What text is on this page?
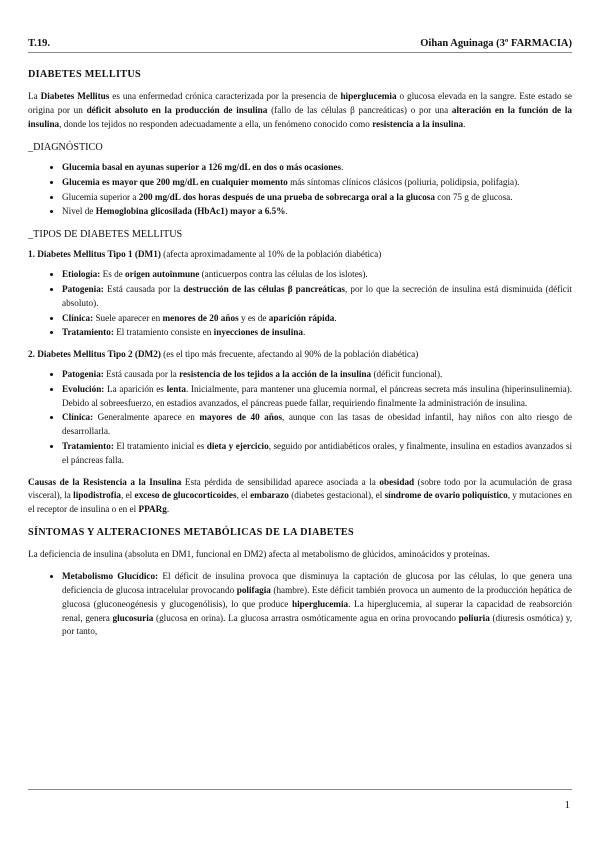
T.19.	Oihan Aguinaga (3º FARMACIA)
DIABETES MELLITUS

La Diabetes Mellitus es una enfermedad crónica caracterizada por la presencia de hiperglucemia o glucosa elevada en la sangre. Este estado se origina por un déficit absoluto en la producción de insulina (fallo de las células β pancreáticas) o por una alteración en la función de la insulina, donde los tejidos no responden adecuadamente a ella, un fenómeno conocido como resistencia a la insulina.

_DIAGNÓSTICO
• Glucemia basal en ayunas superior a 126 mg/dL en dos o más ocasiones.
• Glucemia es mayor que 200 mg/dL en cualquier momento más síntomas clínicos clásicos (poliuria, polidipsia, polifagia).
• Glucemia superior a 200 mg/dL dos horas después de una prueba de sobrecarga oral a la glucosa con 75 g de glucosa.
• Nivel de Hemoglobina glicosilada (HbAc1) mayor a 6.5%.
_TIPOS DE DIABETES MELLITUS

1. Diabetes Mellitus Tipo 1 (DM1) (afecta aproximadamente al 10% de la población diabética)

• Etiología: Es de origen autoinmune (anticuerpos contra las células de los islotes).
• Patogenia: Está causada por la destrucción de las células β pancreáticas, por lo que la secreción de insulina está disminuida (déficit absoluto).
• Clínica: Suele aparecer en menores de 20 años y es de aparición rápida.
• Tratamiento: El tratamiento consiste en inyecciones de insulina.

2. Diabetes Mellitus Tipo 2 (DM2) (es el tipo más frecuente, afectando al 90% de la población diabética)

• Patogenia: Está causada por la resistencia de los tejidos a la acción de la insulina (déficit funcional).
• Evolución: La aparición es lenta. Inicialmente, para mantener una glucemia normal, el páncreas secreta más insulina (hiperinsulinemia). Debido al sobreesfuerzo, en estadios avanzados, el páncreas puede fallar, requiriendo finalmente la administración de insulina.
• Clínica: Generalmente aparece en mayores de 40 años, aunque con las tasas de obesidad infantil, hay niños con alto riesgo de desarrollarla.
• Tratamiento: El tratamiento inicial es dieta y ejercicio, seguido por antidiabéticos orales, y finalmente, insulina en estadios avanzados si el páncreas falla.

Causas de la Resistencia a la Insulina Esta pérdida de sensibilidad aparece asociada a la obesidad (sobre todo por la acumulación de grasa visceral), la lipodistrofia, el exceso de glucocorticoides, el embarazo (diabetes gestacional), el síndrome de ovario poliquístico, y mutaciones en el receptor de insulina o en el PPARg.

SÍNTOMAS Y ALTERACIONES METABÓLICAS DE LA DIABETES

La deficiencia de insulina (absoluta en DM1, funcional en DM2) afecta al metabolismo de glúcidos, aminoácidos y proteínas.

• Metabolismo Glucídico: El déficit de insulina provoca que disminuya la captación de glucosa por las células, lo que genera una deficiencia de glucosa intracelular provocando polifagia (hambre). Este déficit también provoca un aumento de la producción hepática de glucosa (gluconeogénesis y glucogenólisis), lo que produce hiperglucemia. La hiperglucemia, al superar la capacidad de reabsorción renal, genera glucosuria (glucosa en orina). La glucosa arrastra osmóticamente agua en orina provocando poliuria (diuresis osmótica) y, por tanto,
1
